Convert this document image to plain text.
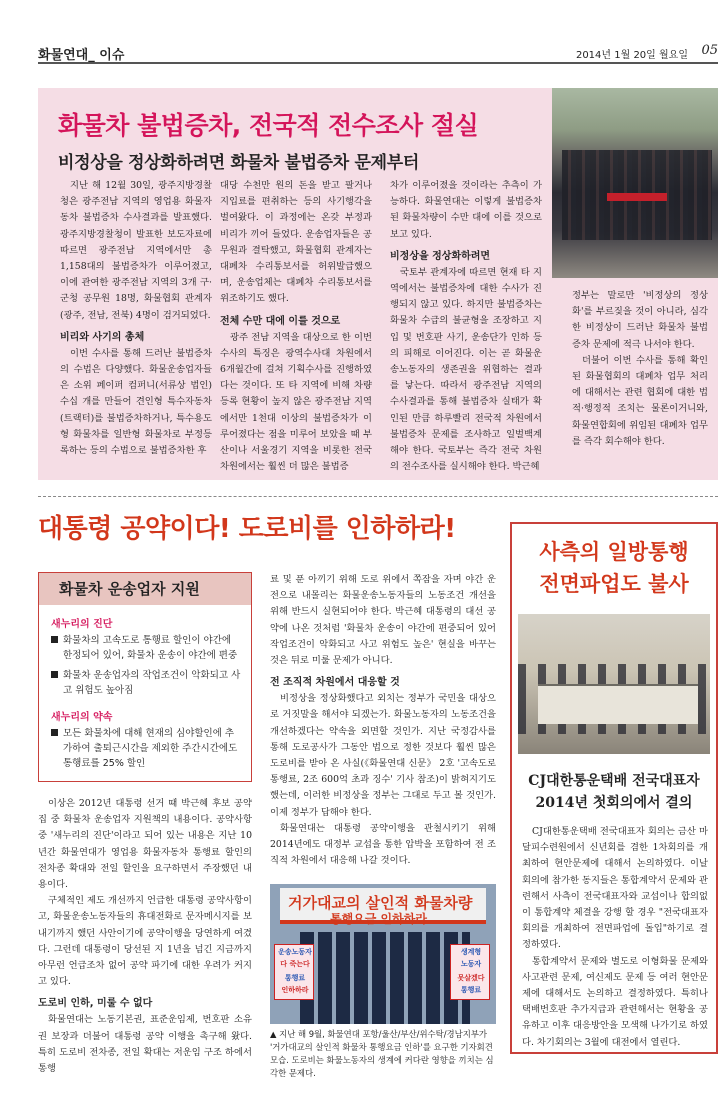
화물연대_ 이슈	2014년 1월 20일 월요일 05
화물차 불법증차, 전국적 전수조사 절실
비정상을 정상화하려면 화물차 불법증차 문제부터

지난 해 12월 30일, 광주지방경찰청은 광주전남 지역의 영업용 화물자동차 불법증차 수사결과를 발표했다. 광주지방경찰청이 발표한 보도자료에 따르면 광주전남 지역에서만 총 1,158대의 불법증차가 이루어졌고, 이에 관여한 광주전남 지역의 3개 구·군청 공무원 18명, 화물협회 관계자(광주, 전남, 전북) 4명이 검거되었다.

비리와 사기의 총체

이번 수사를 통해 드러난 불법증차의 수법은 다양했다. 화물운송업자들은 소위 페이퍼 컴퍼니(서류상 법인) 수십 개를 만들어 견인형 특수자동차(트랙터)를 불법증차하거나, 특수용도형 화물차를 일반형 화물차로 부정등록하는 등의 수법으로 불법증차한 후

대당 수천만 원의 돈을 받고 팔거나 지입료를 편취하는 등의 사기행각을 벌여왔다. 이 과정에는 온갖 부정과 비리가 끼어 들었다. 운송업자들은 공무원과 결탁했고, 화물협회 관계자는 대폐차 수리통보서를 허위발급했으며, 운송업체는 대폐차 수리통보서를 위조하기도 했다.

전체 수만 대에 이를 것으로

광주 전남 지역을 대상으로 한 이번 수사의 특징은 광역수사대 차원에서 6개월간에 걸쳐 기획수사를 진행하였다는 것이다. 또 타 지역에 비해 차량 등록 현황이 높지 않은 광주전남 지역에서만 1천대 이상의 불법증차가 이루어졌다는 점을 미루어 보았을 때 부산이나 서울경기 지역을 비롯한 전국 차원에서는 훨씬 더 많은 불법증

차가 이루어졌을 것이라는 추측이 가능하다. 화물연대는 이렇게 불법증차된 화물차량이 수만 대에 이를 것으로 보고 있다.

비정상을 정상화하려면

국토부 관계자에 따르면 현재 타 지역에서는 불법증차에 대한 수사가 진행되지 않고 있다. 하지만 불법증차는 화물차 수급의 불균형을 조장하고 지입 및 번호판 사기, 운송단가 인하 등의 피해로 이어진다. 이는 곧 화물운송노동자의 생존권을 위협하는 결과를 낳는다. 따라서 광주전남 지역의 수사결과를 통해 불법증차 실태가 확인된 만큼 하루빨리 전국적 차원에서 불법증차 문제를 조사하고 일벌백계해야 한다. 국토부는 즉각 전국 차원의 전수조사를 실시해야 한다. 박근혜

정부는 말로만 '비정상의 정상화'를 부르짖을 것이 아니라, 심각한 비정상이 드러난 화물차 불법증차 문제에 적극 나서야 한다.

더불어 이번 수사를 통해 확인된 화물협회의 대폐차 업무 처리에 대해서는 관련 협회에 대한 법적·행정적 조치는 물론이거니와, 화물연합회에 위임된 대폐차 업무를 즉각 회수해야 한다.

대통령 공약이다! 도로비를 인하하라!
화물차 운송업자 지원
새누리의 진단
화물차의 고속도로 통행료 할인이 야간에 한정되어 있어, 화물차 운송이 야간에 편중
화물차 운송업자의 작업조건이 악화되고 사고 위험도 높아짐
새누리의 약속
모든 화물차에 대해 현재의 심야할인에 추가하여 출퇴근시간을 제외한 주간시간에도 통행료를 25% 할인

이상은 2012년 대통령 선거 때 박근혜 후보 공약집 중 화물차 운송업자 지원책의 내용이다. 공약사항 중 '새누리의 진단'이라고 되어 있는 내용은 지난 10년간 화물연대가 영업용 화물자동차 통행료 할인의 전차종 확대와 전일 할인을 요구하면서 주장했던 내용이다.

구체적인 제도 개선까지 언급한 대통령 공약사항이고, 화물운송노동자들의 휴대전화로 문자메시지를 보내기까지 했던 사안이기에 공약이행을 당연하게 여겼다. 그런데 대통령이 당선된 지 1년을 넘긴 지금까지 아무런 언급조차 없어 공약 파기에 대한 우려가 커지고 있다.

도로비 인하, 미룰 수 없다

화물연대는 노동기본권, 표준운임제, 번호판 소유권 보장과 더불어 대통령 공약 이행을 촉구해 왔다. 특히 도로비 전차종, 전일 확대는 저운임 구조 하에서 통행

료 및 푼 아끼기 위해 도로 위에서 쪽잠을 자며 야간 운전으로 내몰리는 화물운송노동자들의 노동조건 개선을 위해 반드시 실현되어야 한다. 박근혜 대통령의 대선 공약에 나온 것처럼 '화물차 운송이 야간에 편중되어 있어 작업조건이 악화되고 사고 위험도 높은' 현실을 바꾸는 것은 뒤로 미룰 문제가 아니다.

전 조직적 차원에서 대응할 것

비정상을 정상화했다고 외치는 정부가 국민을 대상으로 거짓말을 해서야 되겠는가. 화물노동자의 노동조건을 개선하겠다는 약속을 외면할 것인가. 지난 국정감사를 통해 도로공사가 그동안 법으로 정한 것보다 훨씬 많은 도로비를 받아 온 사실(《화물연대 신문》 2호 '고속도로 통행료, 2조 600억 초과 징수' 기사 참조)이 밝혀지기도 했는데, 이러한 비정상을 정부는 그대로 두고 볼 것인가. 이제 정부가 답해야 한다.

화물연대는 대통령 공약이행을 관철시키기 위해 2014년에도 대정부 교섭을 통한 압박을 포함하여 전 조직적 차원에서 대응해 나갈 것이다.

거가대교의 살인적 화물차량
통행요금 인하하라
운송노동자
다 죽는다
통행료
인하하라
생계형
노동자
못살겠다
통행료
▲ 지난 해 9월, 화물연대 포항/울산/부산/위수탁/경남지부가 '거가대교의 살인적 화물차 통행요금 인하'를 요구한 기자회견 모습. 도로비는 화물노동자의 생계에 커다란 영향을 끼치는 심각한 문제다.
사측의 일방통행
전면파업도 불사
CJ대한통운택배 전국대표자
2014년 첫회의에서 결의

CJ대한통운택배 전국대표자 회의는 금산 마달피수련원에서 신년회를 겸한 1차회의를 개최하여 현안문제에 대해서 논의하였다. 이날 회의에 참가한 동지들은 통합계약서 문제와 관련해서 사측이 전국대표자와 교섭이나 합의없이 통합계약 체결을 강행 할 경우 "전국대표자 회의를 개최하여 전면파업에 돌입"하기로 결정하였다.

통합계약서 문제와 별도로 이형화물 문제와 사고관련 문제, 여신제도 문제 등 여러 현안문제에 대해서도 논의하고 결정하였다. 특히나 택배번호판 추가지급과 관련해서는 현황을 공유하고 이후 대응방안을 모색해 나가기로 하였다. 차기회의는 3월에 대전에서 열린다.
